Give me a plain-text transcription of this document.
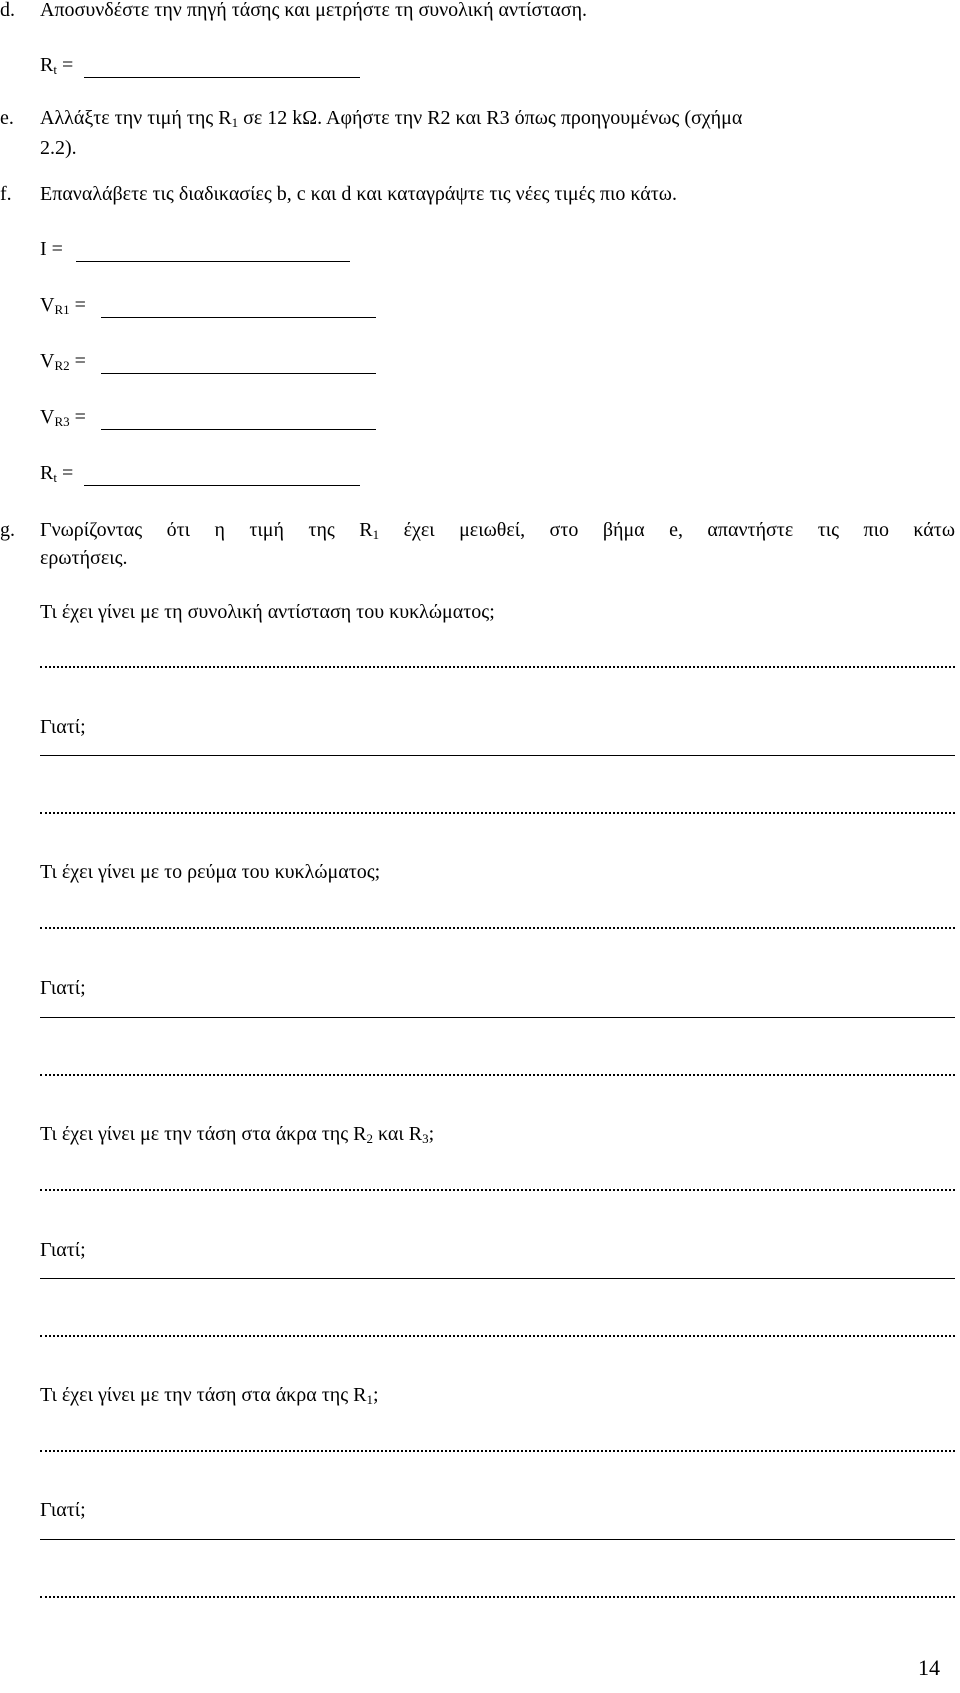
d. Αποσυνδέστε την πηγή τάσης και μετρήστε τη συνολική αντίσταση.
$R_t$ =
e. Αλλάξτε την τιμή της $R_1$ σε 12 kΩ. Αφήστε την R2 και R3 όπως προηγουμένως (σχήμα
2.2).
f. Επαναλάβετε τις διαδικασίες b, c και d και καταγράψτε τις νέες τιμές πιο κάτω.
I =
$V_{R1}$ =
$V_{R2}$ =
$V_{R3}$ =
$R_t$ =
g. Γνωρίζοντας ότι η τιμή της $R_1$ έχει μειωθεί, στο βήμα e, απαντήστε τις πιο κάτω
ερωτήσεις.
Τι έχει γίνει με τη συνολική αντίσταση του κυκλώματος;
Γιατί;
Τι έχει γίνει με το ρεύμα του κυκλώματος;
Γιατί;
Τι έχει γίνει με την τάση στα άκρα της $R_2$ και $R_3$;
Γιατί;
Τι έχει γίνει με την τάση στα άκρα της $R_1$;
Γιατί;
14
